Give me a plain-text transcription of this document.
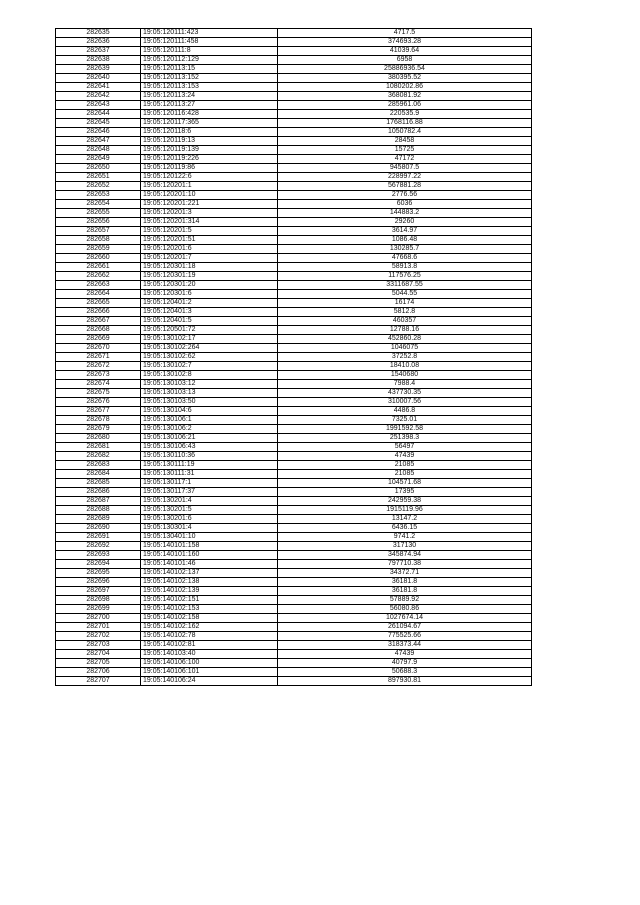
282635	19:05:120111:423	4717.5
282636	19:05:120111:458	374693.28
282637	19:05:120111:8	41039.64
282638	19:05:120112:129	6958
282639	19:05:120113:15	25886936.54
282640	19:05:120113:152	380395.52
282641	19:05:120113:153	1080202.86
282642	19:05:120113:24	368081.92
282643	19:05:120113:27	285961.06
282644	19:05:120116:428	220535.9
282645	19:05:120117:365	1768116.88
282646	19:05:120118:6	1050782.4
282647	19:05:120119:13	28458
282648	19:05:120119:139	15725
282649	19:05:120119:226	47172
282650	19:05:120119:86	945807.5
282651	19:05:120122:6	228997.22
282652	19:05:120201:1	567881.28
282653	19:05:120201:10	2776.56
282654	19:05:120201:221	6036
282655	19:05:120201:3	144883.2
282656	19:05:120201:314	29260
282657	19:05:120201:5	3614.97
282658	19:05:120201:51	1086.48
282659	19:05:120201:6	130285.7
282660	19:05:120201:7	47668.6
282661	19:05:120301:18	58913.8
282662	19:05:120301:19	117576.25
282663	19:05:120301:20	3311687.55
282664	19:05:120301:6	5044.55
282665	19:05:120401:2	16174
282666	19:05:120401:3	5812.8
282667	19:05:120401:5	460357
282668	19:05:120501:72	12788.16
282669	19:05:130102:17	452860.28
282670	19:05:130102:264	1046075
282671	19:05:130102:62	37252.8
282672	19:05:130102:7	18410.08
282673	19:05:130102:8	1540680
282674	19:05:130103:12	7988.4
282675	19:05:130103:13	437730.35
282676	19:05:130103:50	310007.56
282677	19:05:130104:6	4486.8
282678	19:05:130106:1	7325.01
282679	19:05:130106:2	1991592.58
282680	19:05:130106:21	251398.3
282681	19:05:130106:43	56497
282682	19:05:130110:36	47439
282683	19:05:130111:19	21085
282684	19:05:130111:31	21085
282685	19:05:130117:1	104571.68
282686	19:05:130117:37	17395
282687	19:05:130201:4	242959.38
282688	19:05:130201:5	1915119.96
282689	19:05:130201:6	13147.2
282690	19:05:130301:4	6436.15
282691	19:05:130401:10	9741.2
282692	19:05:140101:158	317130
282693	19:05:140101:160	345874.94
282694	19:05:140101:46	797710.38
282695	19:05:140102:137	34372.71
282696	19:05:140102:138	36181.8
282697	19:05:140102:139	36181.8
282698	19:05:140102:151	57889.92
282699	19:05:140102:153	56080.86
282700	19:05:140102:158	1027674.14
282701	19:05:140102:162	261094.67
282702	19:05:140102:78	775525.66
282703	19:05:140102:81	318373.44
282704	19:05:140103:40	47439
282705	19:05:140106:100	40797.9
282706	19:05:140106:101	50688.3
282707	19:05:140106:24	897930.81
